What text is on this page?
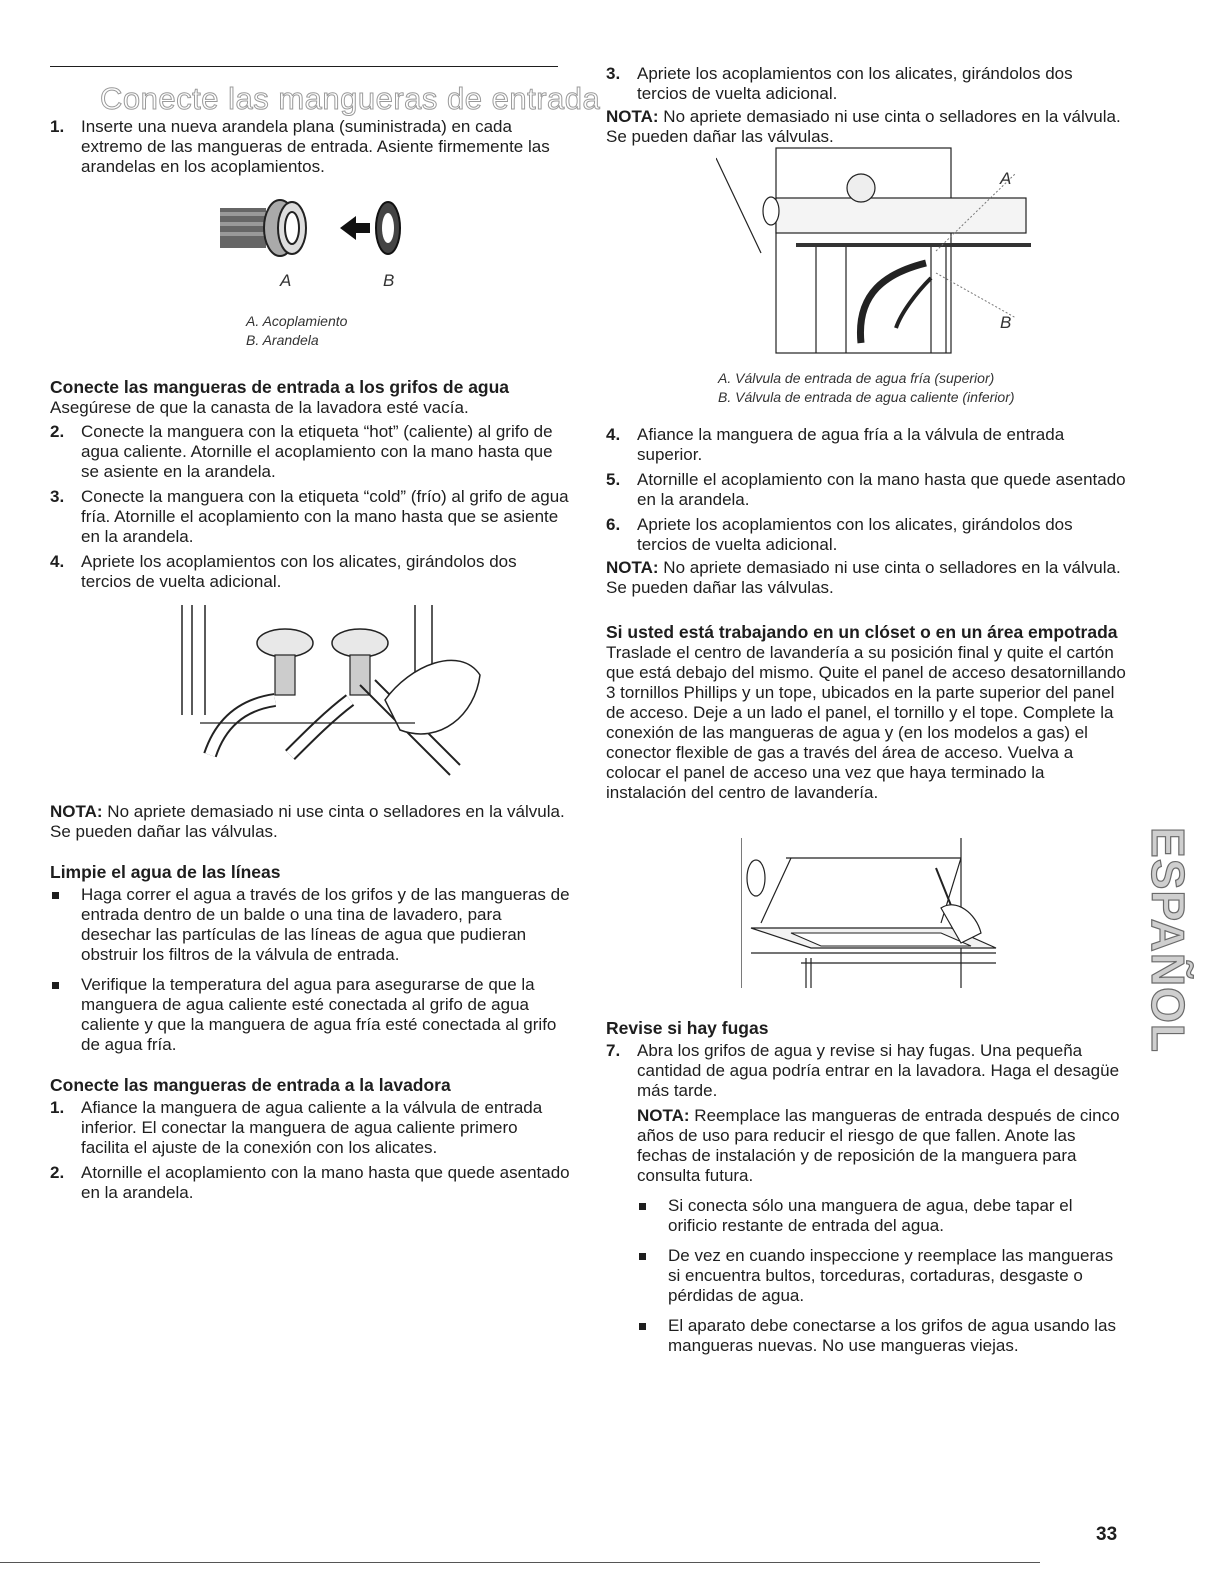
Conecte las mangueras de entrada
1. Inserte una nueva arandela plana (suministrada) en cada extremo de las mangueras de entrada. Asiente firmemente las arandelas en los acoplamientos.
A	B
A. Acoplamiento
B. Arandela
Conecte las mangueras de entrada a los grifos de agua
Asegúrese de que la canasta de la lavadora esté vacía.
2. Conecte la manguera con la etiqueta “hot” (caliente) al grifo de agua caliente. Atornille el acoplamiento con la mano hasta que se asiente en la arandela.
3. Conecte la manguera con la etiqueta “cold” (frío) al grifo de agua fría. Atornille el acoplamiento con la mano hasta que se asiente en la arandela.
4. Apriete los acoplamientos con los alicates, girándolos dos tercios de vuelta adicional.
NOTA: No apriete demasiado ni use cinta o selladores en la válvula. Se pueden dañar las válvulas.
Limpie el agua de las líneas
Haga correr el agua a través de los grifos y de las mangueras de entrada dentro de un balde o una tina de lavadero, para desechar las partículas de las líneas de agua que pudieran obstruir los filtros de la válvula de entrada.
Verifique la temperatura del agua para asegurarse de que la manguera de agua caliente esté conectada al grifo de agua caliente y que la manguera de agua fría esté conectada al grifo de agua fría.
Conecte las mangueras de entrada a la lavadora
1. Afiance la manguera de agua caliente a la válvula de entrada inferior. El conectar la manguera de agua caliente primero facilita el ajuste de la conexión con los alicates.
2. Atornille el acoplamiento con la mano hasta que quede asentado en la arandela.
3. Apriete los acoplamientos con los alicates, girándolos dos tercios de vuelta adicional.
NOTA: No apriete demasiado ni use cinta o selladores en la válvula. Se pueden dañar las válvulas.
A
B
A. Válvula de entrada de agua fría (superior)
B. Válvula de entrada de agua caliente (inferior)
4. Afiance la manguera de agua fría a la válvula de entrada superior.
5. Atornille el acoplamiento con la mano hasta que quede asentado en la arandela.
6. Apriete los acoplamientos con los alicates, girándolos dos tercios de vuelta adicional.
NOTA: No apriete demasiado ni use cinta o selladores en la válvula. Se pueden dañar las válvulas.
Si usted está trabajando en un clóset o en un área empotrada
Traslade el centro de lavandería a su posición final y quite el cartón que está debajo del mismo. Quite el panel de acceso desatornillando 3 tornillos Phillips y un tope, ubicados en la parte superior del panel de acceso. Deje a un lado el panel, el tornillo y el tope. Complete la conexión de las mangueras de agua y (en los modelos a gas) el conector flexible de gas a través del área de acceso. Vuelva a colocar el panel de acceso una vez que haya terminado la instalación del centro de lavandería.
Revise si hay fugas
7. Abra los grifos de agua y revise si hay fugas. Una pequeña cantidad de agua podría entrar en la lavadora. Haga el desagüe más tarde.
NOTA: Reemplace las mangueras de entrada después de cinco años de uso para reducir el riesgo de que fallen. Anote las fechas de instalación y de reposición de la manguera para consulta futura.
Si conecta sólo una manguera de agua, debe tapar el orificio restante de entrada del agua.
De vez en cuando inspeccione y reemplace las mangueras si encuentra bultos, torceduras, cortaduras, desgaste o pérdidas de agua.
El aparato debe conectarse a los grifos de agua usando las mangueras nuevas. No use mangueras viejas.
ESPAÑOL
33
